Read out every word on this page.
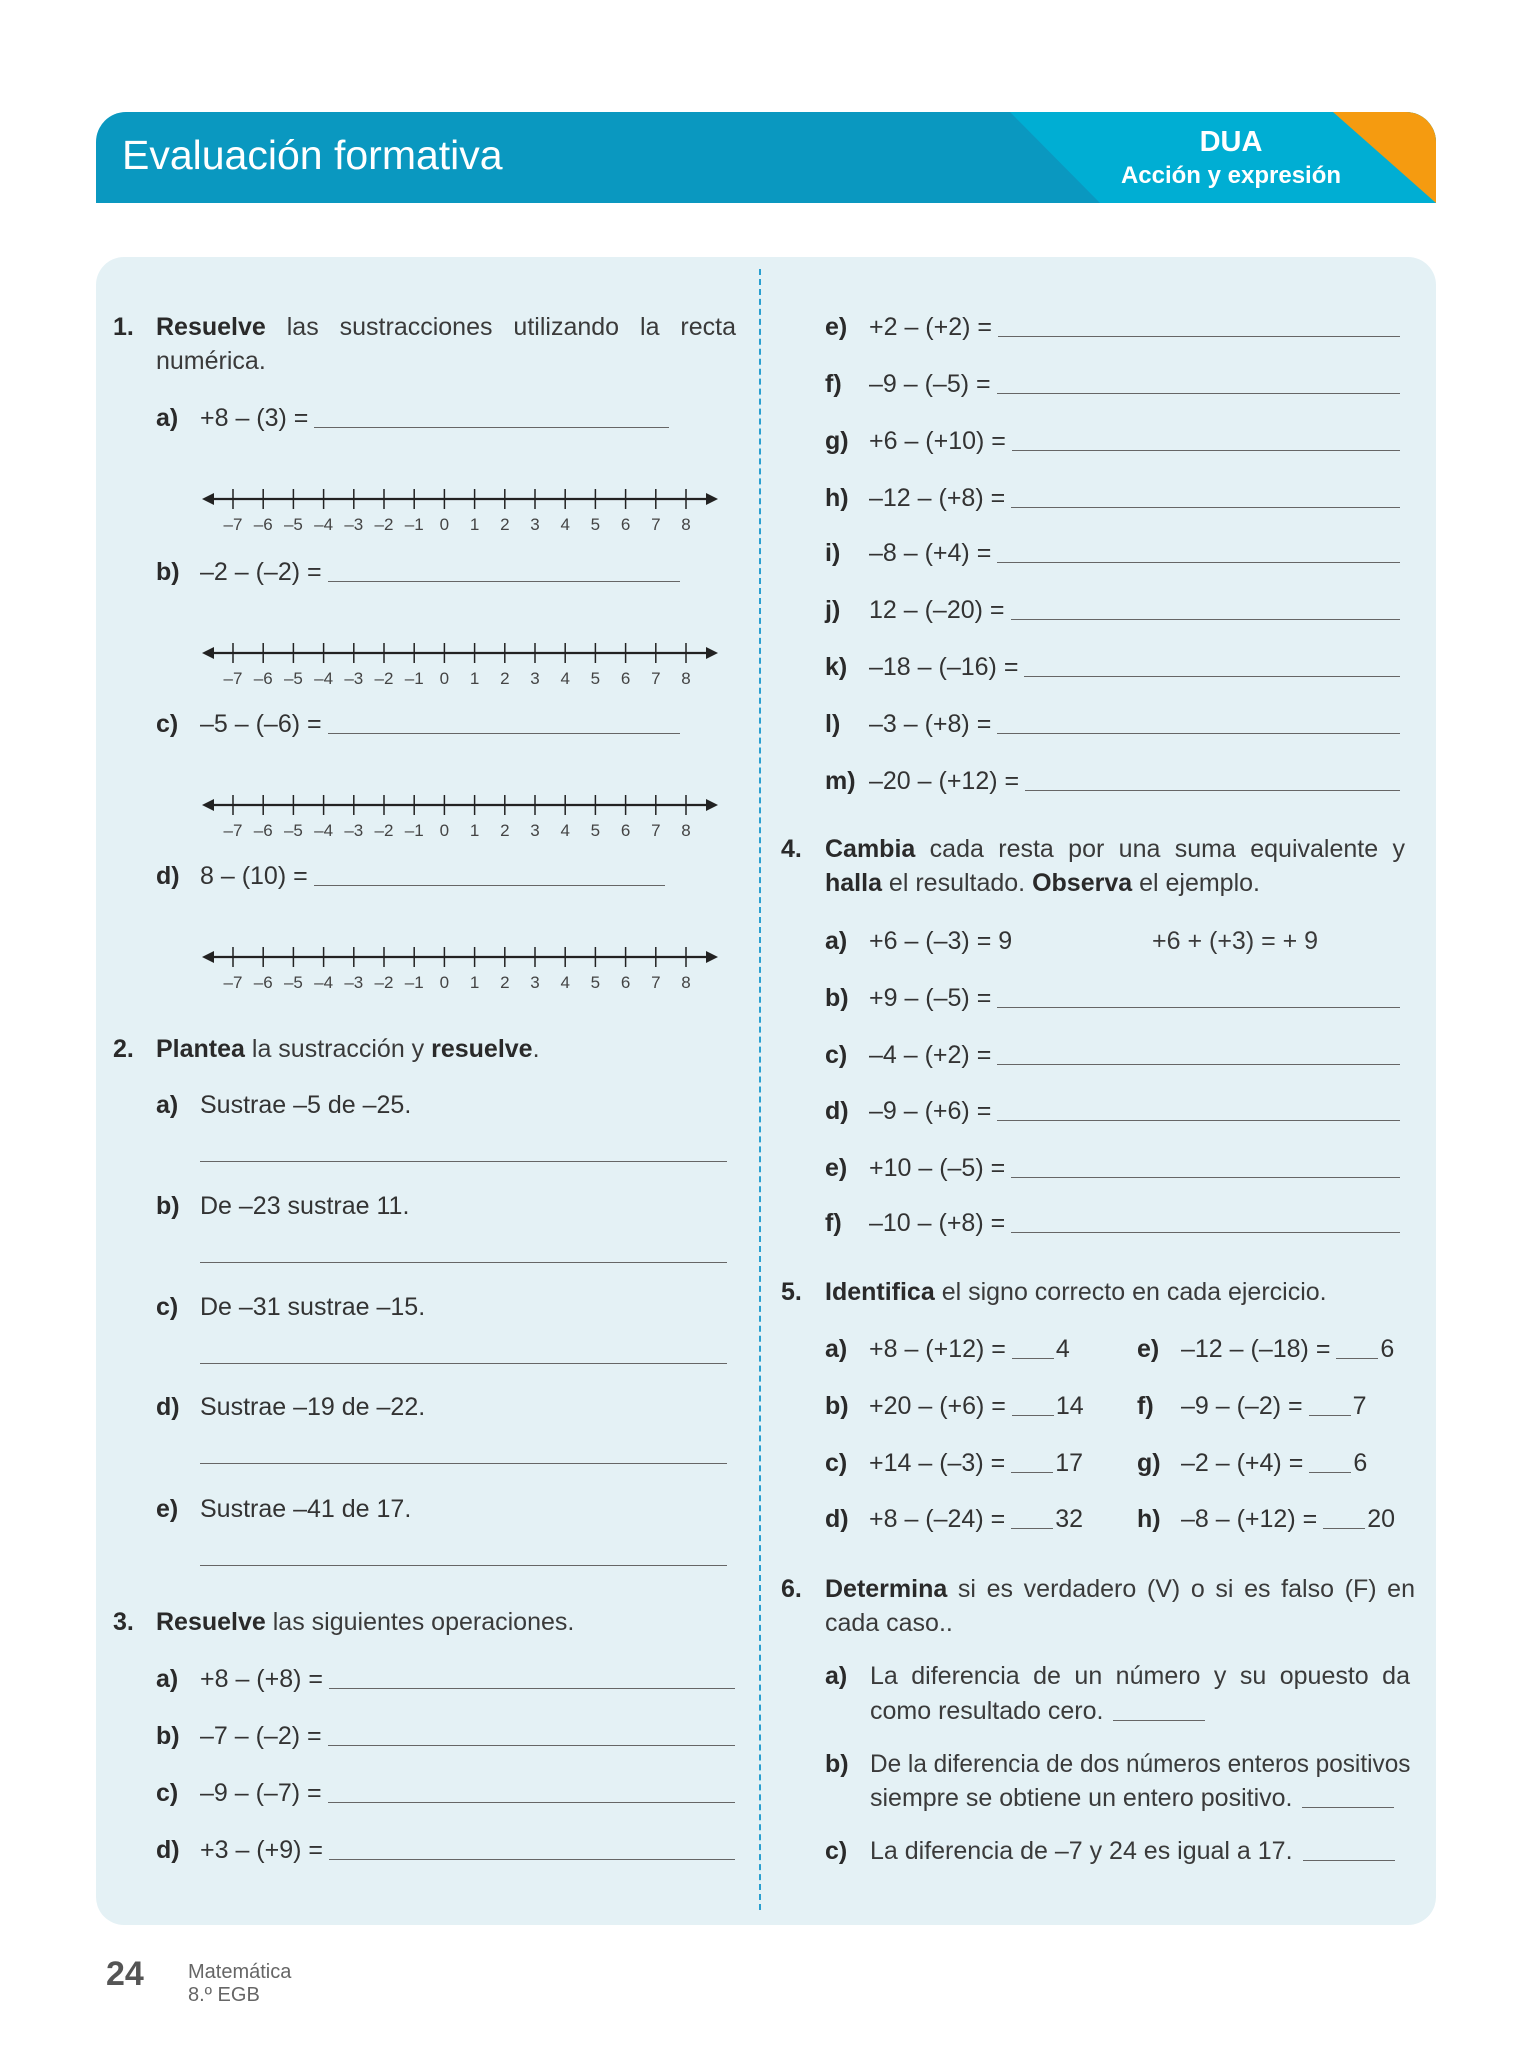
Evaluación formativa	DUA
Acción y expresión
1. Resuelve las sustracciones utilizando la recta
numérica.
a) +8 – (3) =
–7 –6 –5 –4 –3 –2 –1 0 1 2 3 4 5 6 7 8
b) –2 – (–2) =
–7 –6 –5 –4 –3 –2 –1 0 1 2 3 4 5 6 7 8
c) –5 – (–6) =
–7 –6 –5 –4 –3 –2 –1 0 1 2 3 4 5 6 7 8
d) 8 – (10) =
–7 –6 –5 –4 –3 –2 –1 0 1 2 3 4 5 6 7 8
2. Plantea la sustracción y resuelve.
a) Sustrae –5 de –25.
b) De –23 sustrae 11.
c) De –31 sustrae –15.
d) Sustrae –19 de –22.
e) Sustrae –41 de 17.
3. Resuelve las siguientes operaciones.
a) +8 – (+8) =
b) –7 – (–2) =
c) –9 – (–7) =
d) +3 – (+9) =
e) +2 – (+2) =
f)	–9 – (–5) =
g) +6 – (+10) =
h) –12 – (+8) =
i)	–8 – (+4) =
j)	12 – (–20) =
k) –18 – (–16) =
l)	–3 – (+8) =
m) –20 – (+12) =
4. Cambia cada resta por una suma equivalente y
halla el resultado. Observa el ejemplo.
a) +6 – (–3) = 9	+6 + (+3) = + 9
b) +9 – (–5) =
c) –4 – (+2) =
d) –9 – (+6) =
e) +10 – (–5) =
f)	–10 – (+8) =
5. Identifica el signo correcto en cada ejercicio.
a) +8 – (+12) = 4
b) +20 – (+6) = 14
c) +14 – (–3) = 17
d) +8 – (–24) = 32
e) –12 – (–18) = 6
f)	–9 – (–2) = 7
g) –2 – (+4) = 6
h) –8 – (+12) = 20
6. Determina si es verdadero (V) o si es falso (F) en
cada caso..
a) La diferencia de un número y su opuesto da
como resultado cero.
b) De la diferencia de dos números enteros positivos
siempre se obtiene un entero positivo.
c) La diferencia de –7 y 24 es igual a 17.
24 Matemática
8.º EGB
